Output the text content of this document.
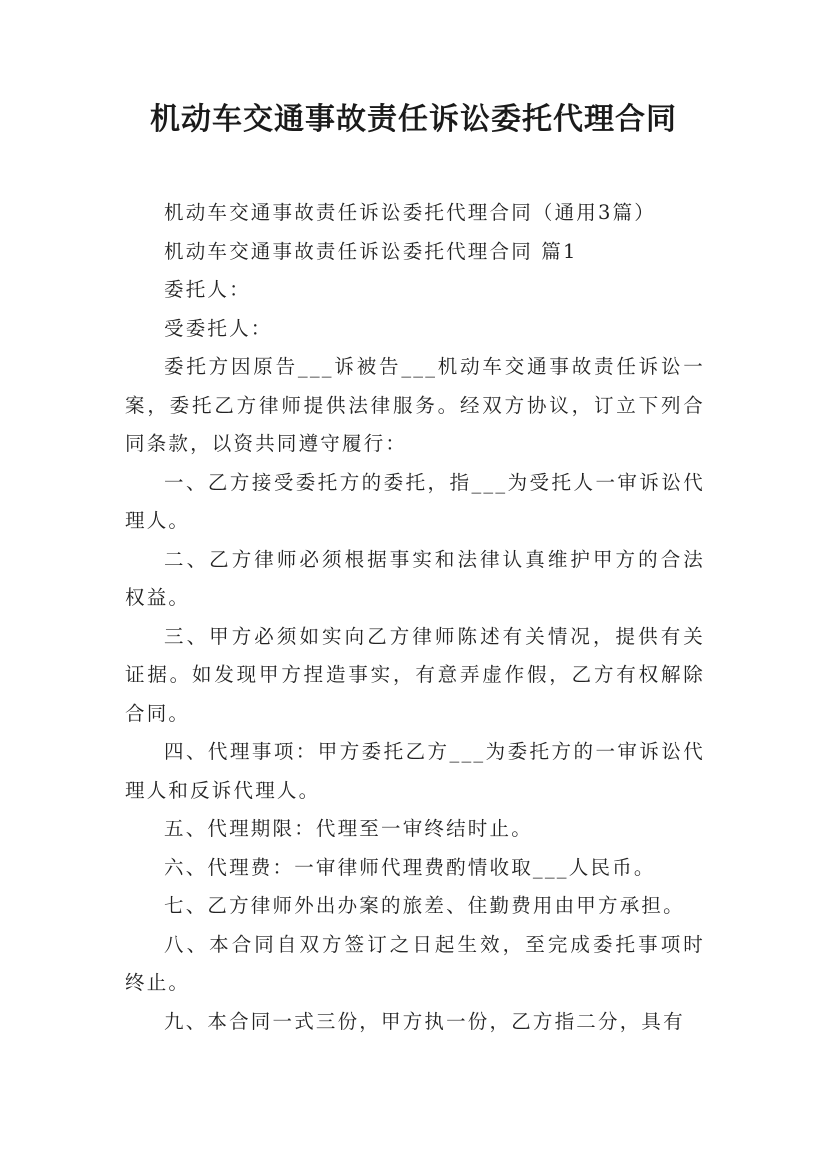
机动车交通事故责任诉讼委托代理合同

机动车交通事故责任诉讼委托代理合同（通用3篇）

机动车交通事故责任诉讼委托代理合同 篇1

委托人：

受委托人：

委托方因原告___诉被告___机动车交通事故责任诉讼一案，委托乙方律师提供法律服务。经双方协议，订立下列合同条款，以资共同遵守履行：

一、乙方接受委托方的委托，指___为受托人一审诉讼代理人。

二、乙方律师必须根据事实和法律认真维护甲方的合法权益。

三、甲方必须如实向乙方律师陈述有关情况，提供有关证据。如发现甲方捏造事实，有意弄虚作假，乙方有权解除合同。

四、代理事项：甲方委托乙方___为委托方的一审诉讼代理人和反诉代理人。

五、代理期限：代理至一审终结时止。

六、代理费：一审律师代理费酌情收取___人民币。

七、乙方律师外出办案的旅差、住勤费用由甲方承担。

八、本合同自双方签订之日起生效，至完成委托事项时终止。

九、本合同一式三份，甲方执一份，乙方指二分，具有
